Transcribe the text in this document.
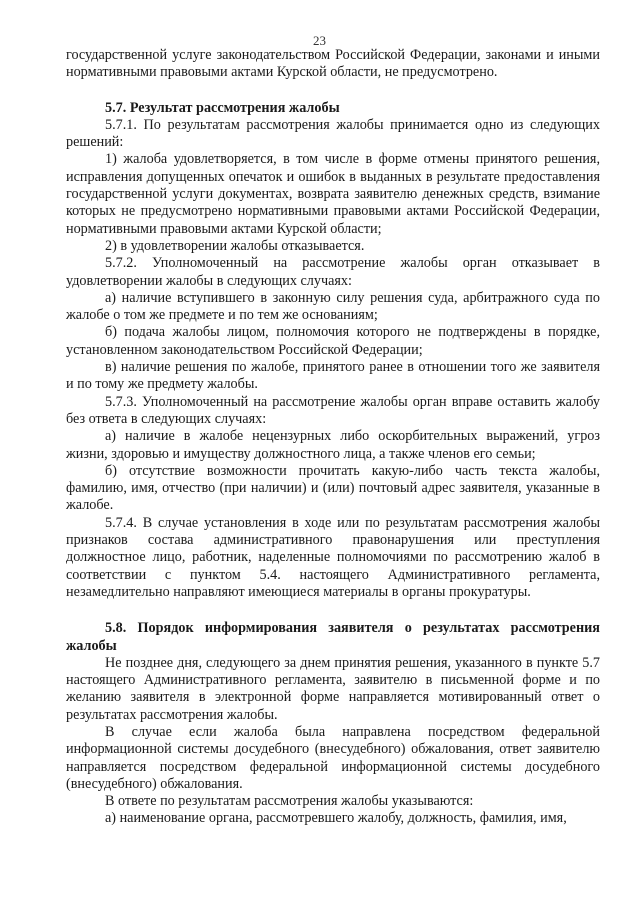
23

государственной услуге законодательством Российской Федерации, законами и иными нормативными правовыми актами Курской области, не предусмотрено.

5.7. Результат рассмотрения жалобы

5.7.1. По результатам рассмотрения жалобы принимается одно из следующих решений:

1) жалоба удовлетворяется, в том числе в форме отмены принятого решения, исправления допущенных опечаток и ошибок в выданных в результате предоставления государственной услуги документах, возврата заявителю денежных средств, взимание которых не предусмотрено нормативными правовыми актами Российской Федерации, нормативными правовыми актами Курской области;

2) в удовлетворении жалобы отказывается.

5.7.2. Уполномоченный на рассмотрение жалобы орган отказывает в удовлетворении жалобы в следующих случаях:

а) наличие вступившего в законную силу решения суда, арбитражного суда по жалобе о том же предмете и по тем же основаниям;

б) подача жалобы лицом, полномочия которого не подтверждены в порядке, установленном законодательством Российской Федерации;

в) наличие решения по жалобе, принятого ранее в отношении того же заявителя и по тому же предмету жалобы.

5.7.3. Уполномоченный на рассмотрение жалобы орган вправе оставить жалобу без ответа в следующих случаях:

а) наличие в жалобе нецензурных либо оскорбительных выражений, угроз жизни, здоровью и имуществу должностного лица, а также членов его семьи;

б) отсутствие возможности прочитать какую-либо часть текста жалобы, фамилию, имя, отчество (при наличии) и (или) почтовый адрес заявителя, указанные в жалобе.

5.7.4. В случае установления в ходе или по результатам рассмотрения жалобы признаков состава административного правонарушения или преступления должностное лицо, работник, наделенные полномочиями по рассмотрению жалоб в соответствии с пунктом 5.4. настоящего Административного регламента, незамедлительно направляют имеющиеся материалы в органы прокуратуры.

5.8. Порядок информирования заявителя о результатах рассмотрения жалобы

Не позднее дня, следующего за днем принятия решения, указанного в пункте 5.7 настоящего Административного регламента, заявителю в письменной форме и по желанию заявителя в электронной форме направляется мотивированный ответ о результатах рассмотрения жалобы.

В случае если жалоба была направлена посредством федеральной информационной системы досудебного (внесудебного) обжалования, ответ заявителю направляется посредством федеральной информационной системы досудебного (внесудебного) обжалования.

В ответе по результатам рассмотрения жалобы указываются:

а) наименование органа, рассмотревшего жалобу, должность, фамилия, имя,
